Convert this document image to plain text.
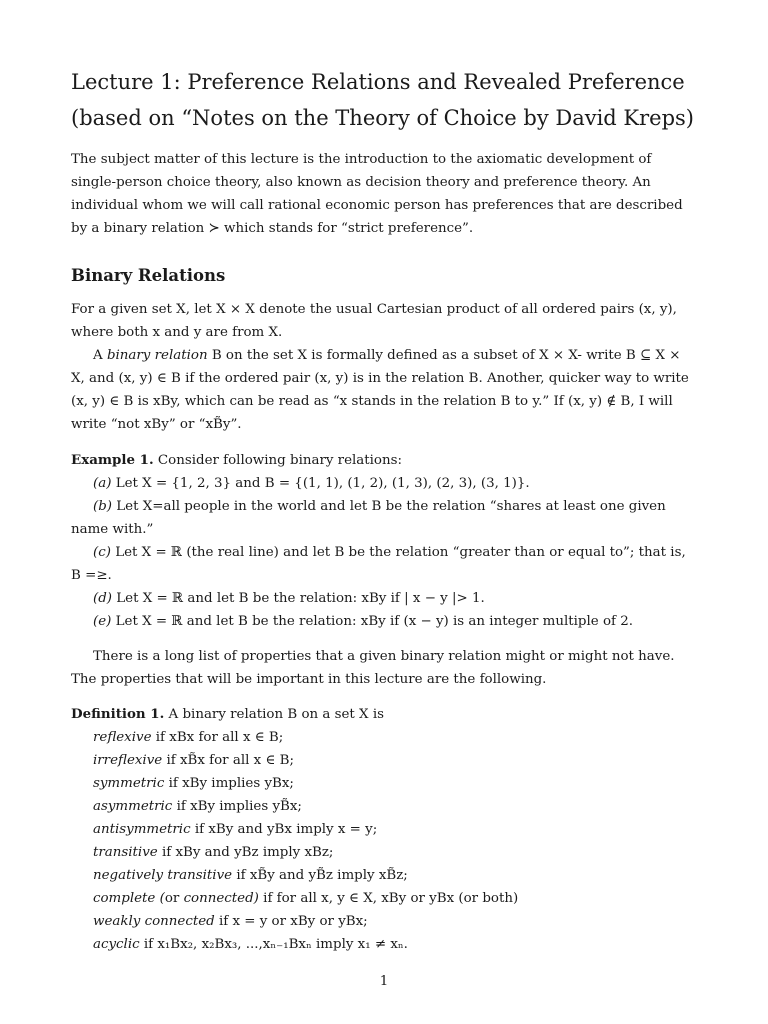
Lecture 1: Preference Relations and Revealed Preference (based on “Notes on the Theory of Choice by David Kreps)

The subject matter of this lecture is the introduction to the axiomatic development of single-person choice theory, also known as decision theory and preference theory. An individual whom we will call rational economic person has preferences that are described by a binary relation ≻ which stands for “strict preference”.

Binary Relations

For a given set X, let X × X denote the usual Cartesian product of all ordered pairs (x, y), where both x and y are from X.

A binary relation B on the set X is formally defined as a subset of X × X- write B ⊆ X × X, and (x, y) ∈ B if the ordered pair (x, y) is in the relation B. Another, quicker way to write (x, y) ∈ B is xBy, which can be read as “x stands in the relation B to y.” If (x, y) ∉ B, I will write “not xBy” or “xB̃y”.

Example 1. Consider following binary relations:

(a) Let X = {1, 2, 3} and B = {(1, 1), (1, 2), (1, 3), (2, 3), (3, 1)}.

(b) Let X=all people in the world and let B be the relation “shares at least one given name with.”

(c) Let X = ℝ (the real line) and let B be the relation “greater than or equal to”; that is, B =≥.

(d) Let X = ℝ and let B be the relation: xBy if | x − y |> 1.

(e) Let X = ℝ and let B be the relation: xBy if (x − y) is an integer multiple of 2.

There is a long list of properties that a given binary relation might or might not have. The properties that will be important in this lecture are the following.

Definition 1. A binary relation B on a set X is

reflexive if xBx for all x ∈ B;

irreflexive if xB̃x for all x ∈ B;

symmetric if xBy implies yBx;

asymmetric if xBy implies yB̃x;

antisymmetric if xBy and yBx imply x = y;

transitive if xBy and yBz imply xBz;

negatively transitive if xB̃y and yB̃z imply xB̃z;

complete (or connected) if for all x, y ∈ X, xBy or yBx (or both)

weakly connected if x = y or xBy or yBx;

acyclic if x₁Bx₂, x₂Bx₃, ...,xₙ₋₁Bxₙ imply x₁ ≠ xₙ.

1
